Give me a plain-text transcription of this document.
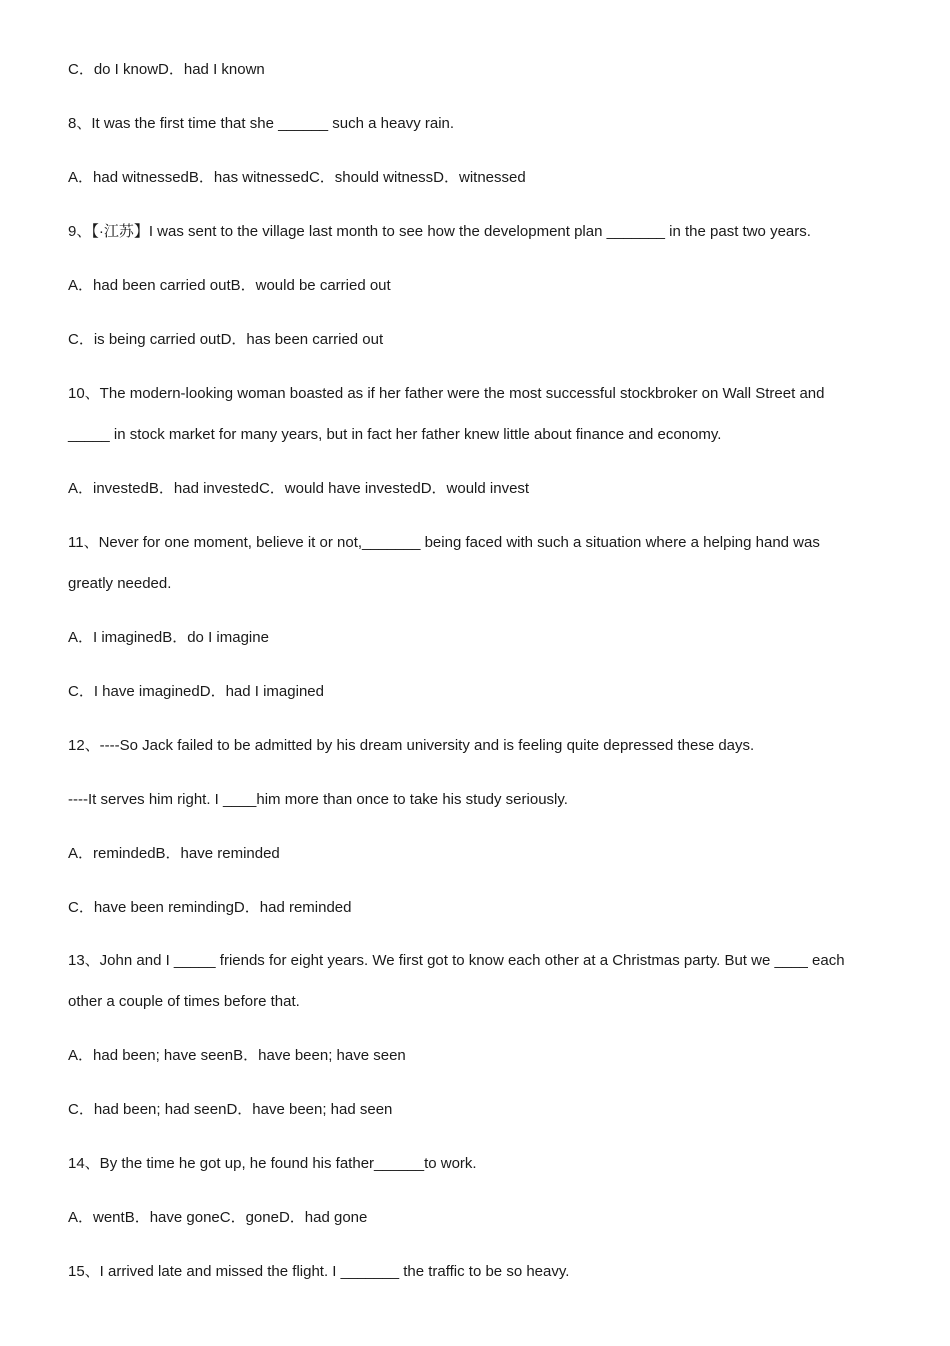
C．do I knowD．had I known
8、It was the first time that she ______ such a heavy rain.
A．had witnessedB．has witnessedC．should witnessD．witnessed
9、【·江苏】I was sent to the village last month to see how the development plan _______ in the past two years.
A．had been carried outB．would be carried out
C．is being carried outD．has been carried out
10、The modern-looking woman boasted as if her father were the most successful stockbroker on Wall Street and
_____ in stock market for many years, but in fact her father knew little about finance and economy.
A．investedB．had investedC．would have investedD．would invest
11、Never for one moment, believe it or not,_______ being faced with such a situation where a helping hand was
greatly needed.
A．I imaginedB．do I imagine
C．I have imaginedD．had I imagined
12、----So Jack failed to be admitted by his dream university and is feeling quite depressed these days.
----It serves him right. I ____him more than once to take his study seriously.
A．remindedB．have reminded
C．have been remindingD．had reminded
13、John and I _____ friends for eight years. We first got to know each other at a Christmas party. But we ____ each
other a couple of times before that.
A．had been; have seenB．have been; have seen
C．had been; had seenD．have been; had seen
14、By the time he got up, he found his father______to work.
A．wentB．have goneC．goneD．had gone
15、I arrived late and missed the flight. I _______ the traffic to be so heavy.
